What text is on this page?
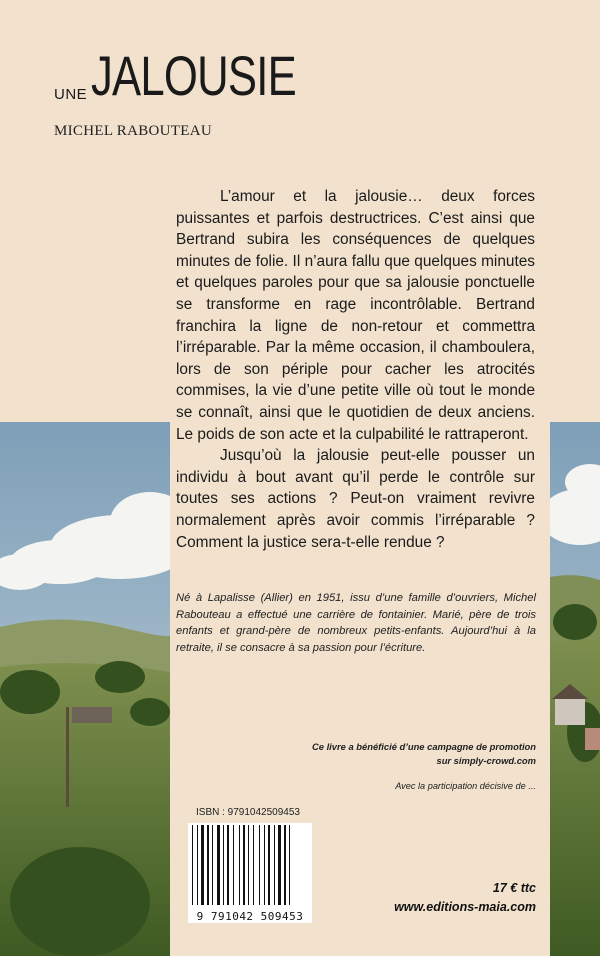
UNEJALOUSIE
MICHEL RABOUTEAU

L’amour et la jalousie… deux forces puissantes et parfois destructrices. C’est ainsi que Bertrand subira les conséquences de quelques minutes de folie. Il n’aura fallu que quelques minutes et quelques paroles pour que sa jalousie ponctuelle se transforme en rage incontrôlable. Bertrand franchira la ligne de non-retour et commettra l’irréparable. Par la même occasion, il chamboulera, lors de son périple pour cacher les atrocités commises, la vie d’une petite ville où tout le monde se connaît, ainsi que le quotidien de deux anciens. Le poids de son acte et la culpabilité le rattraperont.

Jusqu’où la jalousie peut-elle pousser un individu à bout avant qu’il perde le contrôle sur toutes ses actions ? Peut-on vraiment revivre normalement après avoir commis l’irréparable ? Comment la justice sera-t-elle rendue ?

Né à Lapalisse (Allier) en 1951, issu d’une famille d’ouvriers, Michel Rabouteau a effectué une carrière de fontainier. Marié, père de trois enfants et grand-père de nombreux petits-enfants. Aujourd’hui à la retraite, il se consacre à sa passion pour l’écriture.
Ce livre a bénéficié d’une campagne de promotion
sur simply-crowd.com
Avec la participation décisive de ...
ISBN : 9791042509453
9 791042 509453
17 € ttc
www.editions-maia.com
